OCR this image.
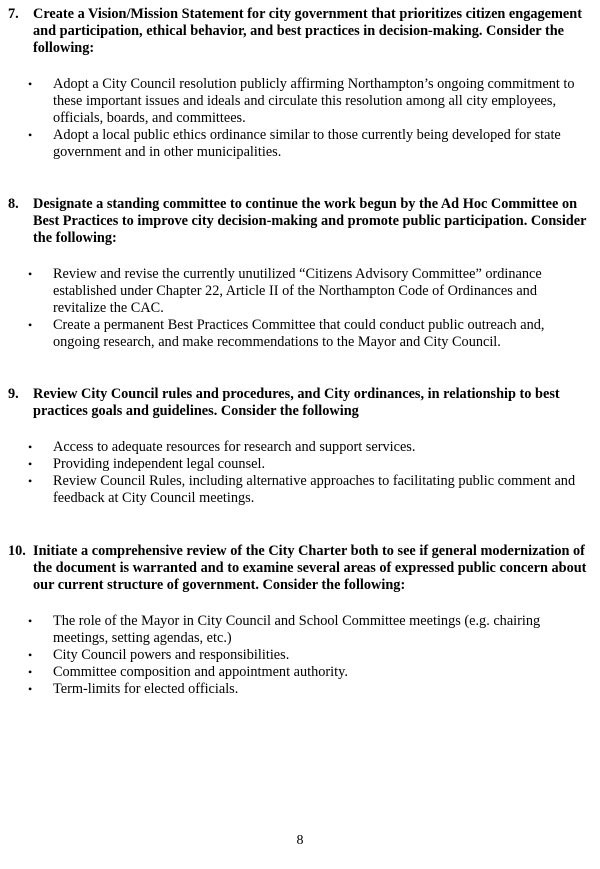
7. Create a Vision/Mission Statement for city government that prioritizes citizen engagement and participation, ethical behavior, and best practices in decision-making. Consider the following:
•	Adopt a City Council resolution publicly affirming Northampton’s ongoing commitment to these important issues and ideals and circulate this resolution among all city employees, officials, boards, and committees.
•	Adopt a local public ethics ordinance similar to those currently being developed for state government and in other municipalities.
8. Designate a standing committee to continue the work begun by the Ad Hoc Committee on Best Practices to improve city decision-making and promote public participation. Consider the following:
•	Review and revise the currently unutilized “Citizens Advisory Committee” ordinance established under Chapter 22, Article II of the Northampton Code of Ordinances and revitalize the CAC.
•	Create a permanent Best Practices Committee that could conduct public outreach and, ongoing research, and make recommendations to the Mayor and City Council.
9. Review City Council rules and procedures, and City ordinances, in relationship to best practices goals and guidelines. Consider the following
•	Access to adequate resources for research and support services.
•	Providing independent legal counsel.
•	Review Council Rules, including alternative approaches to facilitating public comment and feedback at City Council meetings.
10. Initiate a comprehensive review of the City Charter both to see if general modernization of the document is warranted and to examine several areas of expressed public concern about our current structure of government. Consider the following:
•	The role of the Mayor in City Council and School Committee meetings (e.g. chairing meetings, setting agendas, etc.)
•	City Council powers and responsibilities.
•	Committee composition and appointment authority.
•	Term-limits for elected officials.
8
